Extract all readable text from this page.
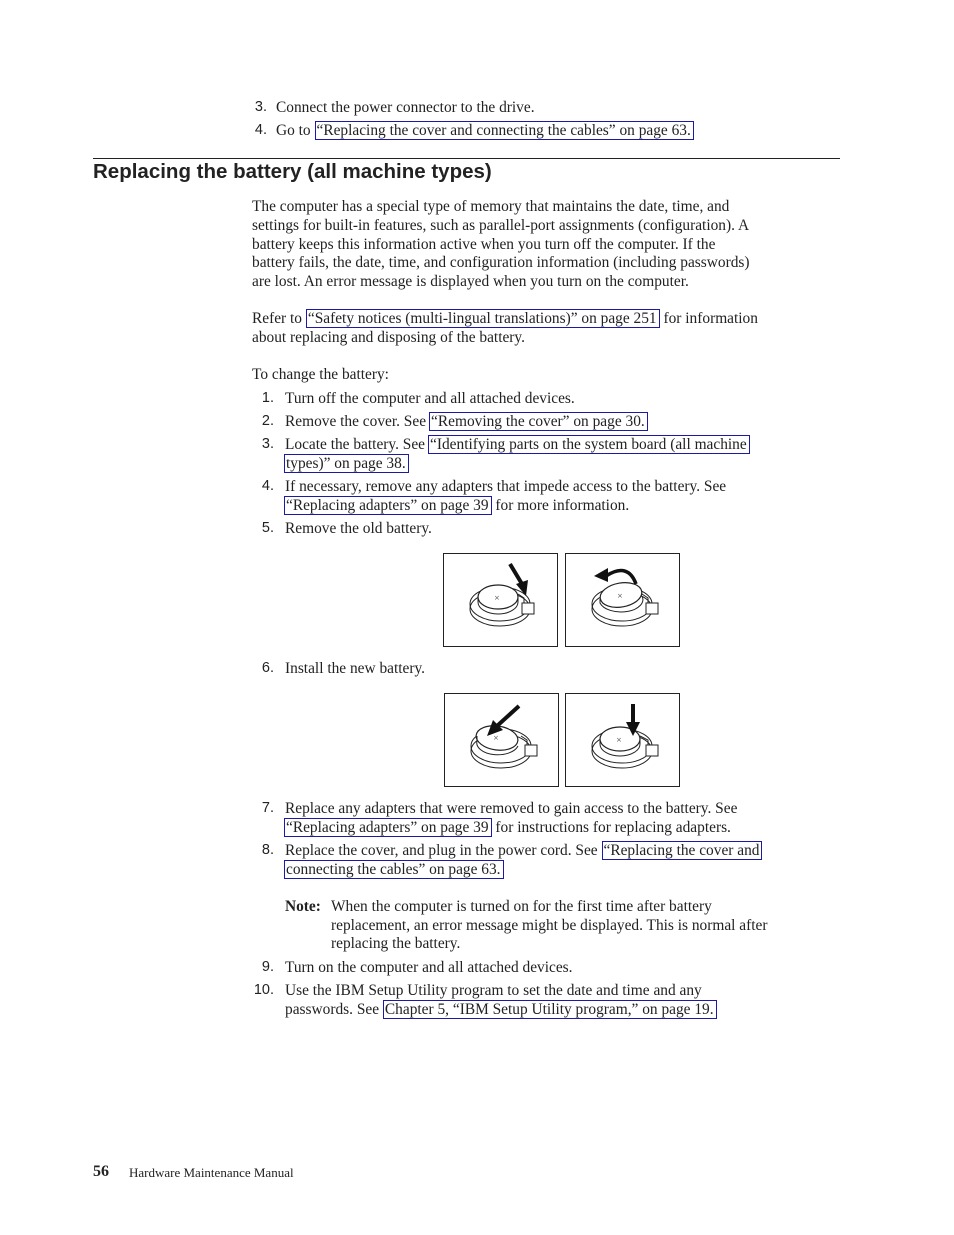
3. Connect the power connector to the drive.
4. Go to “Replacing the cover and connecting the cables” on page 63.
Replacing the battery (all machine types)
The computer has a special type of memory that maintains the date, time, and
settings for built-in features, such as parallel-port assignments (configuration). A
battery keeps this information active when you turn off the computer. If the
battery fails, the date, time, and configuration information (including passwords)
are lost. An error message is displayed when you turn on the computer.
Refer to “Safety notices (multi-lingual translations)” on page 251 for information
about replacing and disposing of the battery.
To change the battery:
1. Turn off the computer and all attached devices.
2. Remove the cover. See “Removing the cover” on page 30.
3. Locate the battery. See “Identifying parts on the system board (all machine
types)” on page 38.
4. If necessary, remove any adapters that impede access to the battery. See
“Replacing adapters” on page 39 for more information.
5. Remove the old battery.
×	×
6. Install the new battery.
×	×
7. Replace any adapters that were removed to gain access to the battery. See
“Replacing adapters” on page 39 for instructions for replacing adapters.
8. Replace the cover, and plug in the power cord. See “Replacing the cover and
connecting the cables” on page 63.
Note: When the computer is turned on for the first time after battery
replacement, an error message might be displayed. This is normal after
replacing the battery.
9. Turn on the computer and all attached devices.
10. Use the IBM Setup Utility program to set the date and time and any
passwords. See Chapter 5, “IBM Setup Utility program,” on page 19.
56 Hardware Maintenance Manual
